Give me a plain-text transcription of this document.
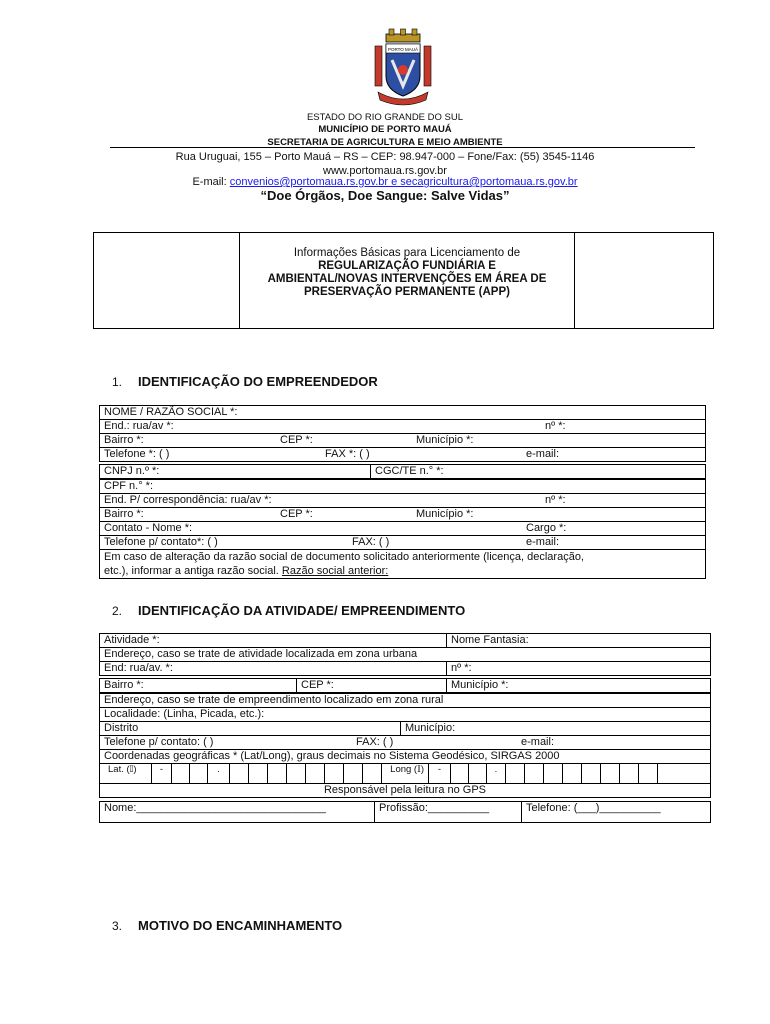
PORTO MAUÁ
ESTADO DO RIO GRANDE DO SUL
MUNICÍPIO DE PORTO MAUÁ
SECRETARIA DE AGRICULTURA E MEIO AMBIENTE
Rua Uruguai, 155 – Porto Mauá – RS – CEP: 98.947-000 – Fone/Fax: (55) 3545-1146
www.portomaua.rs.gov.br
E-mail: convenios@portomaua.rs.gov.br e secagricultura@portomaua.rs.gov.br
“Doe Órgãos, Doe Sangue: Salve Vidas”
Informações Básicas para Licenciamento de
REGULARIZAÇÃO FUNDIÁRIA E
AMBIENTAL/NOVAS INTERVENÇÕES EM ÁREA DE
PRESERVAÇÃO PERMANENTE (APP)
1. IDENTIFICAÇÃO DO EMPREENDEDOR
NOME / RAZÃO SOCIAL *:
End.: rua/av *:	nº *:

Bairro *:	CEP *:	Município *:

Telefone *: ( )	FAX *: ( )	e-mail:
CNPJ n.º *:	CGC/TE n.° *:
CPF n.° *:
End. P/ correspondência: rua/av *:	nº *:

Bairro *:	CEP *:	Município *:

Contato - Nome *:	Cargo *:

Telefone p/ contato*: ( )	FAX: ( )	e-mail:

Em caso de alteração da razão social de documento solicitado anteriormente (licença, declaração,
etc.), informar a antiga razão social. Razão social anterior:
2. IDENTIFICAÇÃO DA ATIVIDADE/ EMPREENDIMENTO
Atividade *:	Nome Fantasia:
Endereço, caso se trate de atividade localizada em zona urbana	
End: rua/av. *:	nº *:
Bairro *:	CEP *:	Município *:
Endereço, caso se trate de empreendimento localizado em zona rural
Localidade: (Linha, Picada, etc.):
Distrito	Município:
Telefone p/ contato: ( )	FAX: ( )	e-mail:

Coordenadas geográficas * (Lat/Long), graus decimais no Sistema Geodésico, SIRGAS 2000

Lat. (𝕀)	-	.	Long (𝕀)	-	.

Responsável pela leitura no GPS
Nome:_______________________________	Profissão:__________	Telefone: (___)__________
3. MOTIVO DO ENCAMINHAMENTO
